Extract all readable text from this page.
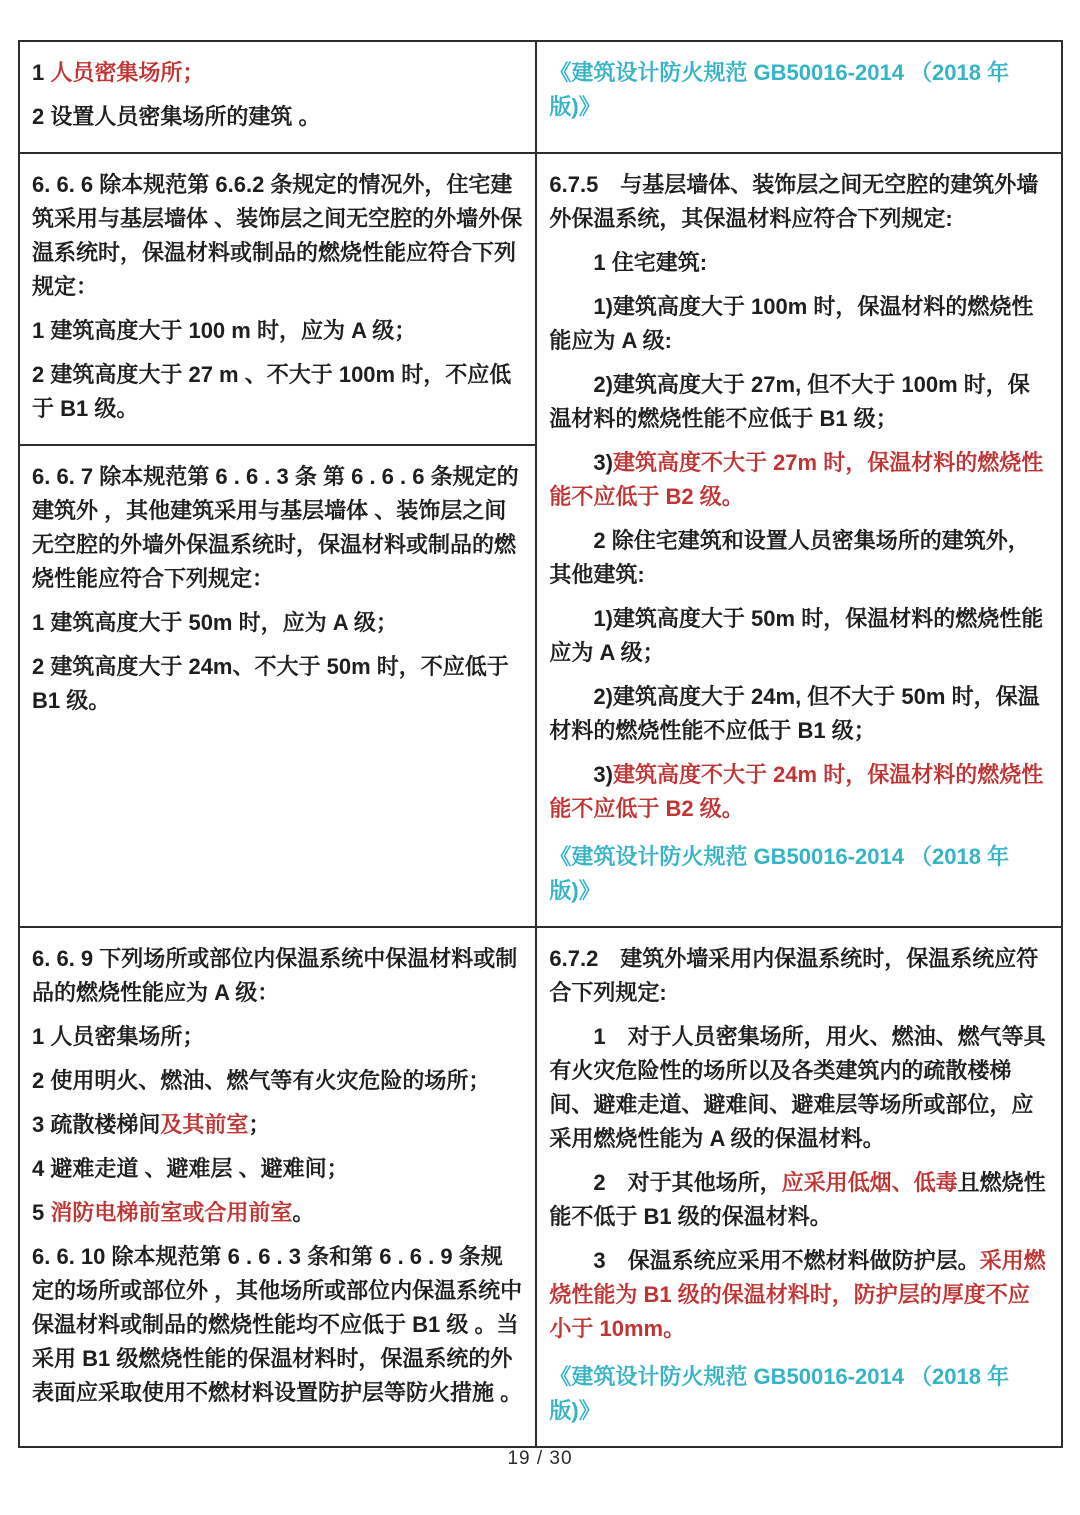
1 人员密集场所；

2 设置人员密集场所的建筑 。

《建筑设计防火规范 GB50016-2014 （2018 年版)》

6. 6. 6 除本规范第 6.6.2 条规定的情况外，住宅建筑采用与基层墙体 、装饰层之间无空腔的外墙外保温系统时，保温材料或制品的燃烧性能应符合下列规定：

1 建筑高度大于 100 m 时，应为 A 级；

2 建筑高度大于 27 m 、不大于 100m 时，不应低于 B1 级。

6. 6. 7 除本规范第 6 . 6 . 3 条 第 6 . 6 . 6 条规定的建筑外 ，其他建筑采用与基层墙体 、装饰层之间无空腔的外墙外保温系统时，保温材料或制品的燃烧性能应符合下列规定：

1 建筑高度大于 50m 时，应为 A 级；

2 建筑高度大于 24m、不大于 50m 时，不应低于 B1 级。

6.7.5　与基层墙体、装饰层之间无空腔的建筑外墙外保温系统，其保温材料应符合下列规定:

1 住宅建筑:

1)建筑高度大于 100m 时，保温材料的燃烧性能应为 A 级:

2)建筑高度大于 27m, 但不大于 100m 时，保温材料的燃烧性能不应低于 B1 级；

3)建筑高度不大于 27m 时，保温材料的燃烧性能不应低于 B2 级。

2 除住宅建筑和设置人员密集场所的建筑外，其他建筑:

1)建筑高度大于 50m 时，保温材料的燃烧性能应为 A 级；

2)建筑高度大于 24m, 但不大于 50m 时，保温材料的燃烧性能不应低于 B1 级；

3)建筑高度不大于 24m 时，保温材料的燃烧性能不应低于 B2 级。

《建筑设计防火规范 GB50016-2014 （2018 年版)》

6. 6. 9 下列场所或部位内保温系统中保温材料或制品的燃烧性能应为 A 级：

1 人员密集场所；

2 使用明火、燃油、燃气等有火灾危险的场所；

3 疏散楼梯间及其前室；

4 避难走道 、避难层 、避难间；

5 消防电梯前室或合用前室。

6. 6. 10 除本规范第 6 . 6 . 3 条和第 6 . 6 . 9 条规定的场所或部位外 ，其他场所或部位内保温系统中保温材料或制品的燃烧性能均不应低于 B1 级 。当采用 B1 级燃烧性能的保温材料时，保温系统的外表面应采取使用不燃材料设置防护层等防火措施 。

6.7.2　建筑外墙采用内保温系统时，保温系统应符合下列规定:

1　对于人员密集场所，用火、燃油、燃气等具有火灾危险性的场所以及各类建筑内的疏散楼梯间、避难走道、避难间、避难层等场所或部位，应采用燃烧性能为 A 级的保温材料。

2　对于其他场所，应采用低烟、低毒且燃烧性能不低于 B1 级的保温材料。

3　保温系统应采用不燃材料做防护层。采用燃烧性能为 B1 级的保温材料时，防护层的厚度不应小于 10mm。

《建筑设计防火规范 GB50016-2014 （2018 年版)》

19 / 30
